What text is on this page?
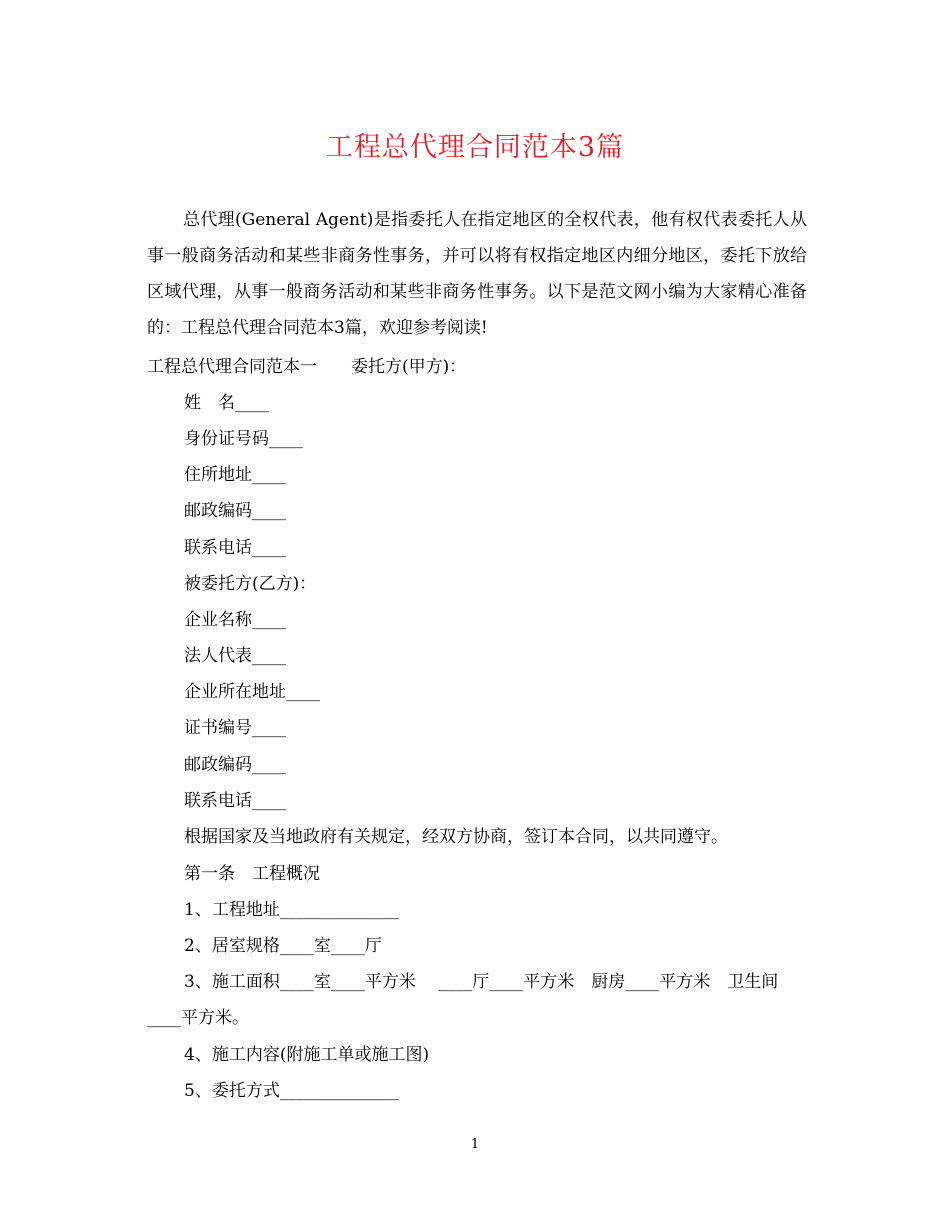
工程总代理合同范本3篇
总代理(General Agent)是指委托人在指定地区的全权代表，他有权代表委托人从事一般商务活动和某些非商务性事务，并可以将有权指定地区内细分地区，委托下放给区域代理，从事一般商务活动和某些非商务性事务。以下是范文网小编为大家精心准备的：工程总代理合同范本3篇，欢迎参考阅读!
工程总代理合同范本一　　委托方(甲方)：
姓　名____
身份证号码____
住所地址____
邮政编码____
联系电话____
被委托方(乙方)：
企业名称____
法人代表____
企业所在地址____
证书编号____
邮政编码____
联系电话____
根据国家及当地政府有关规定，经双方协商，签订本合同，以共同遵守。
第一条　工程概况
1、工程地址______________
2、居室规格____室____厅
3、施工面积____室____平方米　 ____厅____平方米　厨房____平方米　卫生间____平方米。
4、施工内容(附施工单或施工图)
5、委托方式______________
1
